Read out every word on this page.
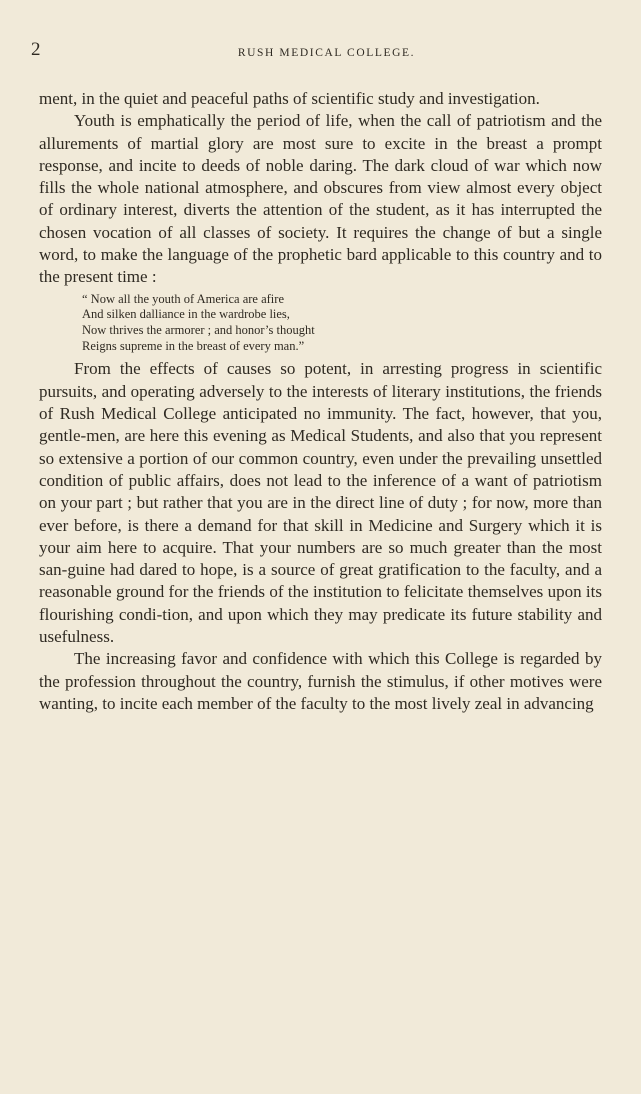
2	RUSH MEDICAL COLLEGE.

ment, in the quiet and peaceful paths of scientific study and investigation.

Youth is emphatically the period of life, when the call of patriotism and the allurements of martial glory are most sure to excite in the breast a prompt response, and incite to deeds of noble daring. The dark cloud of war which now fills the whole national atmosphere, and obscures from view almost every object of ordinary interest, diverts the attention of the student, as it has interrupted the chosen vocation of all classes of society. It requires the change of but a single word, to make the language of the prophetic bard applicable to this country and to the present time :

“ Now all the youth of America are afire
And silken dalliance in the wardrobe lies,
Now thrives the armorer ; and honor’s thought
Reigns supreme in the breast of every man.”

From the effects of causes so potent, in arresting progress in scientific pursuits, and operating adversely to the interests of literary institutions, the friends of Rush Medical College anticipated no immunity. The fact, however, that you, gentle-men, are here this evening as Medical Students, and also that you represent so extensive a portion of our common country, even under the prevailing unsettled condition of public affairs, does not lead to the inference of a want of patriotism on your part ; but rather that you are in the direct line of duty ; for now, more than ever before, is there a demand for that skill in Medicine and Surgery which it is your aim here to acquire. That your numbers are so much greater than the most san-guine had dared to hope, is a source of great gratification to the faculty, and a reasonable ground for the friends of the institution to felicitate themselves upon its flourishing condi-tion, and upon which they may predicate its future stability and usefulness.

The increasing favor and confidence with which this College is regarded by the profession throughout the country, furnish the stimulus, if other motives were wanting, to incite each member of the faculty to the most lively zeal in advancing
